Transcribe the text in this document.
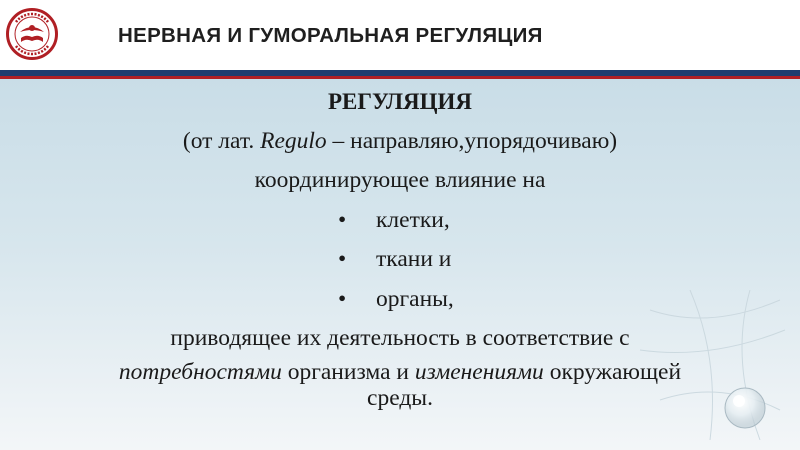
НЕРВНАЯ И ГУМОРАЛЬНАЯ РЕГУЛЯЦИЯ
РЕГУЛЯЦИЯ
(от лат. Regulo – направляю,упорядочиваю)
координирующее влияние на
• клетки,
• ткани и
• органы,
приводящее их деятельность в соответствие с
потребностями организма и изменениями окружающей
среды.
